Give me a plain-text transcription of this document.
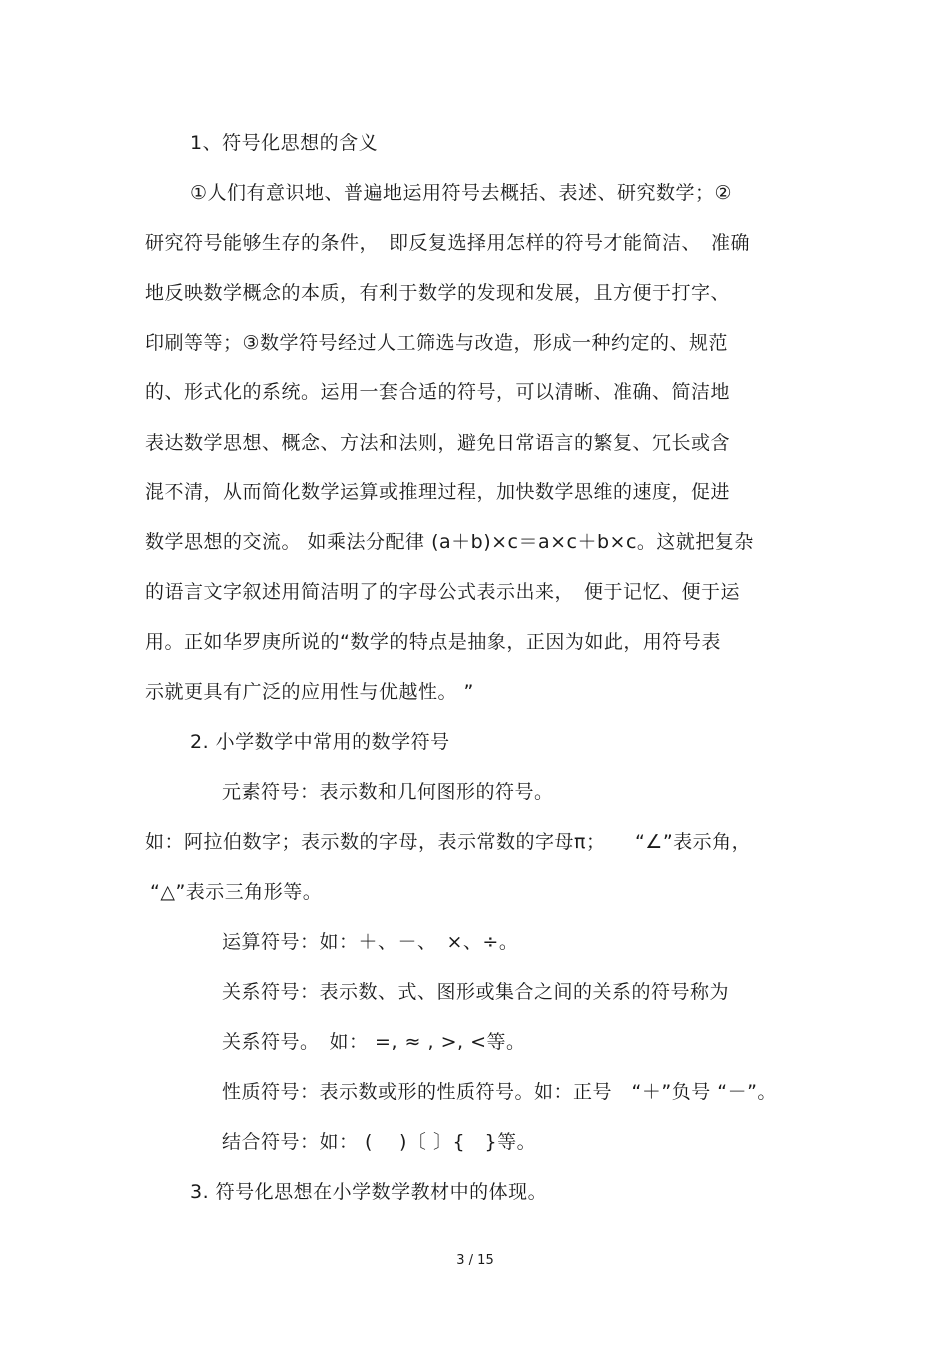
1、符号化思想的含义
①人们有意识地、普遍地运用符号去概括、表述、研究数学；②
研究符号能够生存的条件，　即反复选择用怎样的符号才能简洁、　准确
地反映数学概念的本质，有利于数学的发现和发展，且方便于打字、
印刷等等；③数学符号经过人工筛选与改造，形成一种约定的、规范
的、形式化的系统。运用一套合适的符号，可以清晰、准确、简洁地
表达数学思想、概念、方法和法则，避免日常语言的繁复、冗长或含
混不清，从而简化数学运算或推理过程，加快数学思维的速度，促进
数学思想的交流。 如乘法分配律 (a＋b)×c＝a×c＋b×c。这就把复杂
的语言文字叙述用简洁明了的字母公式表示出来，　便于记忆、便于运
用。正如华罗庚所说的“数学的特点是抽象，正因为如此，用符号表
示就更具有广泛的应用性与优越性。 ”
2. 小学数学中常用的数学符号
元素符号：表示数和几何图形的符号。
如：阿拉伯数字；表示数的字母，表示常数的字母π；　　“∠”表示角，
“△”表示三角形等。
运算符号：如：＋、－、　×、÷。
关系符号：表示数、式、图形或集合之间的关系的符号称为
关系符号。　如： =, ≈ , >, <等。
性质符号：表示数或形的性质符号。如：正号　“＋”负号 “－”。
结合符号：如： (　 )〔 〕{　}等。
3. 符号化思想在小学数学教材中的体现。
3 / 15
